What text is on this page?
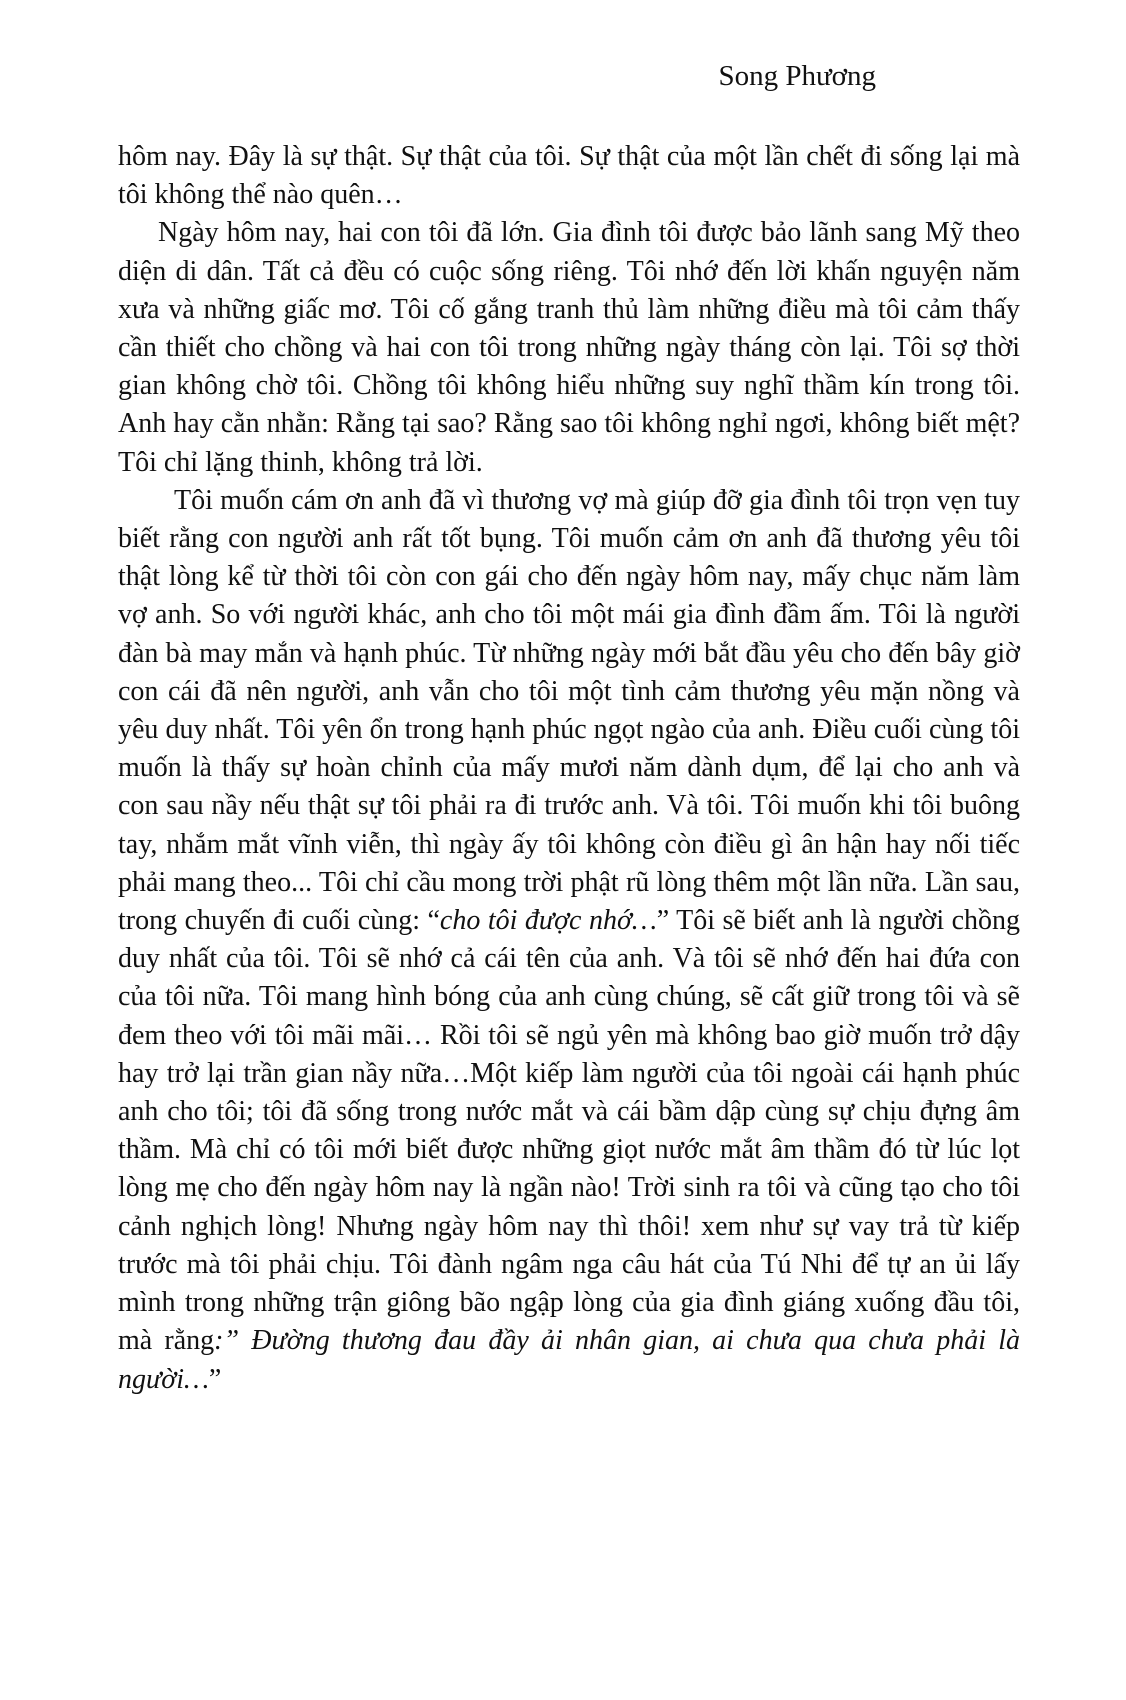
Song Phương

hôm nay. Đây là sự thật. Sự thật của tôi. Sự thật của một lần chết đi sống lại mà tôi không thể nào quên…

Ngày hôm nay, hai con tôi đã lớn. Gia đình tôi được bảo lãnh sang Mỹ theo diện di dân. Tất cả đều có cuộc sống riêng. Tôi nhớ đến lời khấn nguyện năm xưa và những giấc mơ. Tôi cố gắng tranh thủ làm những điều mà tôi cảm thấy cần thiết cho chồng và hai con tôi trong những ngày tháng còn lại. Tôi sợ thời gian không chờ tôi. Chồng tôi không hiểu những suy nghĩ thầm kín trong tôi. Anh hay cằn nhằn: Rằng tại sao? Rằng sao tôi không nghỉ ngơi, không biết mệt? Tôi chỉ lặng thinh, không trả lời.

Tôi muốn cám ơn anh đã vì thương vợ mà giúp đỡ gia đình tôi trọn vẹn tuy biết rằng con người anh rất tốt bụng. Tôi muốn cảm ơn anh đã thương yêu tôi thật lòng kể từ thời tôi còn con gái cho đến ngày hôm nay, mấy chục năm làm vợ anh. So với người khác, anh cho tôi một mái gia đình đầm ấm. Tôi là người đàn bà may mắn và hạnh phúc. Từ những ngày mới bắt đầu yêu cho đến bây giờ con cái đã nên người, anh vẫn cho tôi một tình cảm thương yêu mặn nồng và yêu duy nhất. Tôi yên ổn trong hạnh phúc ngọt ngào của anh. Điều cuối cùng tôi muốn là thấy sự hoàn chỉnh của mấy mươi năm dành dụm, để lại cho anh và con sau nầy nếu thật sự tôi phải ra đi trước anh. Và tôi. Tôi muốn khi tôi buông tay, nhắm mắt vĩnh viễn, thì ngày ấy tôi không còn điều gì ân hận hay nối tiếc phải mang theo... Tôi chỉ cầu mong trời phật rũ lòng thêm một lần nữa. Lần sau, trong chuyến đi cuối cùng: “cho tôi được nhớ…” Tôi sẽ biết anh là người chồng duy nhất của tôi. Tôi sẽ nhớ cả cái tên của anh. Và tôi sẽ nhớ đến hai đứa con của tôi nữa. Tôi mang hình bóng của anh cùng chúng, sẽ cất giữ trong tôi và sẽ đem theo với tôi mãi mãi… Rồi tôi sẽ ngủ yên mà không bao giờ muốn trở dậy hay trở lại trần gian nầy nữa…Một kiếp làm người của tôi ngoài cái hạnh phúc anh cho tôi; tôi đã sống trong nước mắt và cái bầm dập cùng sự chịu đựng âm thầm. Mà chỉ có tôi mới biết được những giọt nước mắt âm thầm đó từ lúc lọt lòng mẹ cho đến ngày hôm nay là ngần nào! Trời sinh ra tôi và cũng tạo cho tôi cảnh nghịch lòng! Nhưng ngày hôm nay thì thôi! xem như sự vay trả từ kiếp trước mà tôi phải chịu. Tôi đành ngâm nga câu hát của Tú Nhi để tự an ủi lấy mình trong những trận giông bão ngập lòng của gia đình giáng xuống đầu tôi, mà rằng:” Đường thương đau đầy ải nhân gian, ai chưa qua chưa phải là người…”
